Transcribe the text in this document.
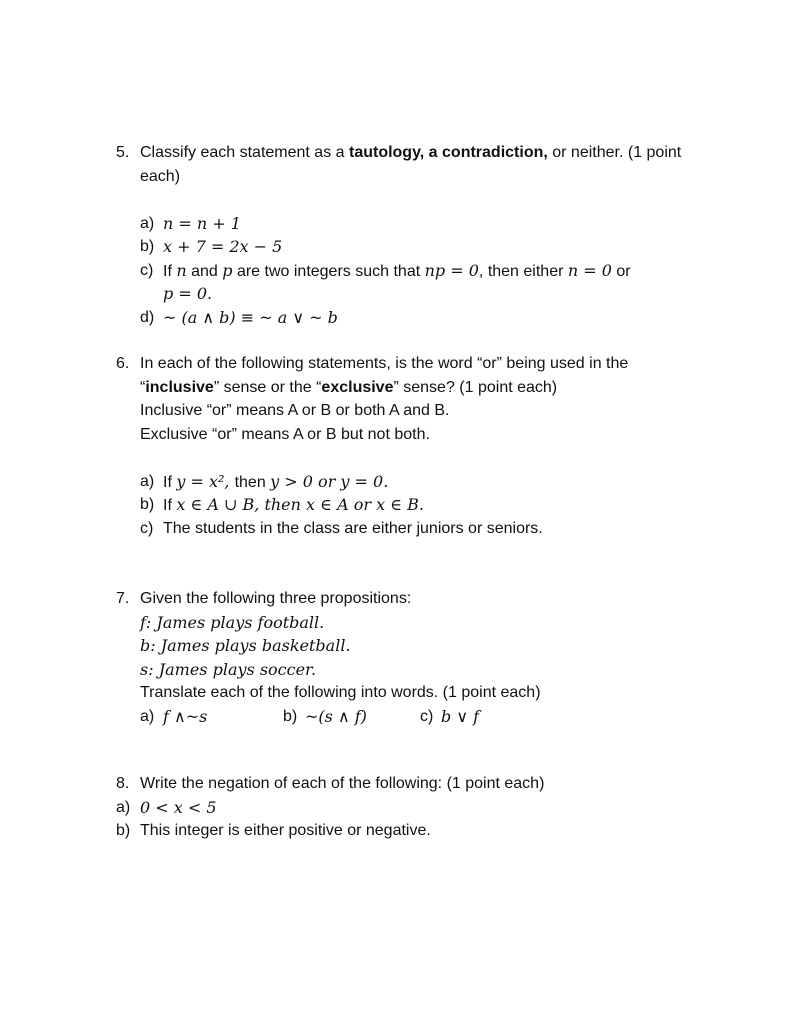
5. Classify each statement as a tautology, a contradiction, or neither. (1 point
each)
a) n = n + 1
b) x + 7 = 2x − 5
c) If n and p are two integers such that np = 0, then either n = 0 or
p = 0.
d) ~ (a ∧ b) ≡ ~ a ∨ ~ b
6. In each of the following statements, is the word “or” being used in the
“inclusive” sense or the “exclusive” sense? (1 point each)
Inclusive “or” means A or B or both A and B.
Exclusive “or” means A or B but not both.
a) If y = x², then y > 0 or y = 0.
b) If x ∈ A ∪ B, then x ∈ A or x ∈ B.
c) The students in the class are either juniors or seniors.
7. Given the following three propositions:
f: James plays football.
b: James plays basketball.
s: James plays soccer.
Translate each of the following into words. (1 point each)
a) f ∧~s	b) ~(s ∧ f)	c) b ∨ f
8. Write the negation of each of the following: (1 point each)
a) 0 < x < 5
b) This integer is either positive or negative.
